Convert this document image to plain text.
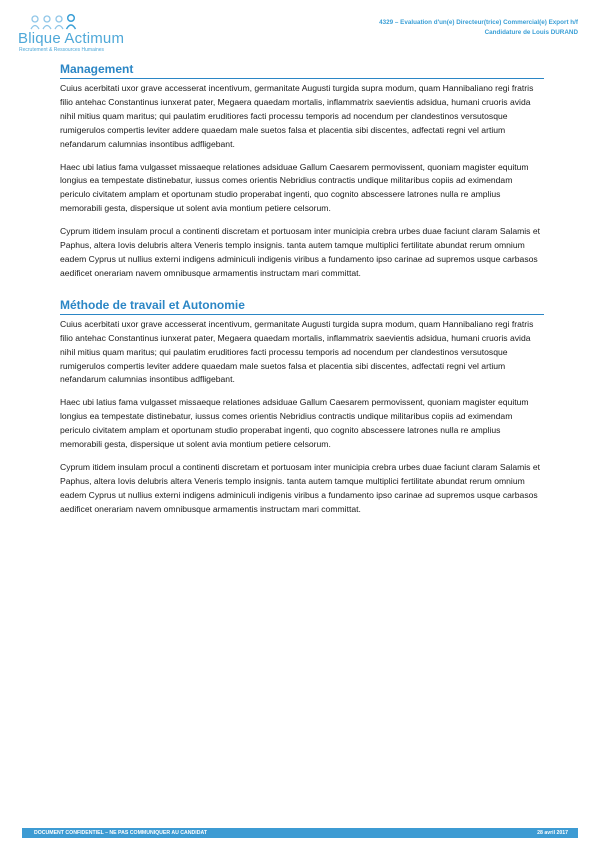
Blique Actimum
Recrutement & Ressources Humaines
4329 – Evaluation d'un(e) Directeur(trice) Commercial(e) Export h/f
Candidature de Louis DURAND
Management

Cuius acerbitati uxor grave accesserat incentivum, germanitate Augusti turgida supra modum, quam Hannibaliano regi fratris filio antehac Constantinus iunxerat pater, Megaera quaedam mortalis, inflammatrix saevientis adsidua, humani cruoris avida nihil mitius quam maritus; qui paulatim eruditiores facti processu temporis ad nocendum per clandestinos versutosque rumigerulos compertis leviter addere quaedam male suetos falsa et placentia sibi discentes, adfectati regni vel artium nefandarum calumnias insontibus adfligebant.

Haec ubi latius fama vulgasset missaeque relationes adsiduae Gallum Caesarem permovissent, quoniam magister equitum longius ea tempestate distinebatur, iussus comes orientis Nebridius contractis undique militaribus copiis ad eximendam periculo civitatem amplam et oportunam studio properabat ingenti, quo cognito abscessere latrones nulla re amplius memorabili gesta, dispersique ut solent avia montium petiere celsorum.

Cyprum itidem insulam procul a continenti discretam et portuosam inter municipia crebra urbes duae faciunt claram Salamis et Paphus, altera Iovis delubris altera Veneris templo insignis. tanta autem tamque multiplici fertilitate abundat rerum omnium eadem Cyprus ut nullius externi indigens adminiculi indigenis viribus a fundamento ipso carinae ad supremos usque carbasos aedificet onerariam navem omnibusque armamentis instructam mari committat.

Méthode de travail et Autonomie

Cuius acerbitati uxor grave accesserat incentivum, germanitate Augusti turgida supra modum, quam Hannibaliano regi fratris filio antehac Constantinus iunxerat pater, Megaera quaedam mortalis, inflammatrix saevientis adsidua, humani cruoris avida nihil mitius quam maritus; qui paulatim eruditiores facti processu temporis ad nocendum per clandestinos versutosque rumigerulos compertis leviter addere quaedam male suetos falsa et placentia sibi discentes, adfectati regni vel artium nefandarum calumnias insontibus adfligebant.

Haec ubi latius fama vulgasset missaeque relationes adsiduae Gallum Caesarem permovissent, quoniam magister equitum longius ea tempestate distinebatur, iussus comes orientis Nebridius contractis undique militaribus copiis ad eximendam periculo civitatem amplam et oportunam studio properabat ingenti, quo cognito abscessere latrones nulla re amplius memorabili gesta, dispersique ut solent avia montium petiere celsorum.

Cyprum itidem insulam procul a continenti discretam et portuosam inter municipia crebra urbes duae faciunt claram Salamis et Paphus, altera Iovis delubris altera Veneris templo insignis. tanta autem tamque multiplici fertilitate abundat rerum omnium eadem Cyprus ut nullius externi indigens adminiculi indigenis viribus a fundamento ipso carinae ad supremos usque carbasos aedificet onerariam navem omnibusque armamentis instructam mari committat.

DOCUMENT CONFIDENTIEL – NE PAS COMMUNIQUER AU CANDIDAT	28 avril 2017
